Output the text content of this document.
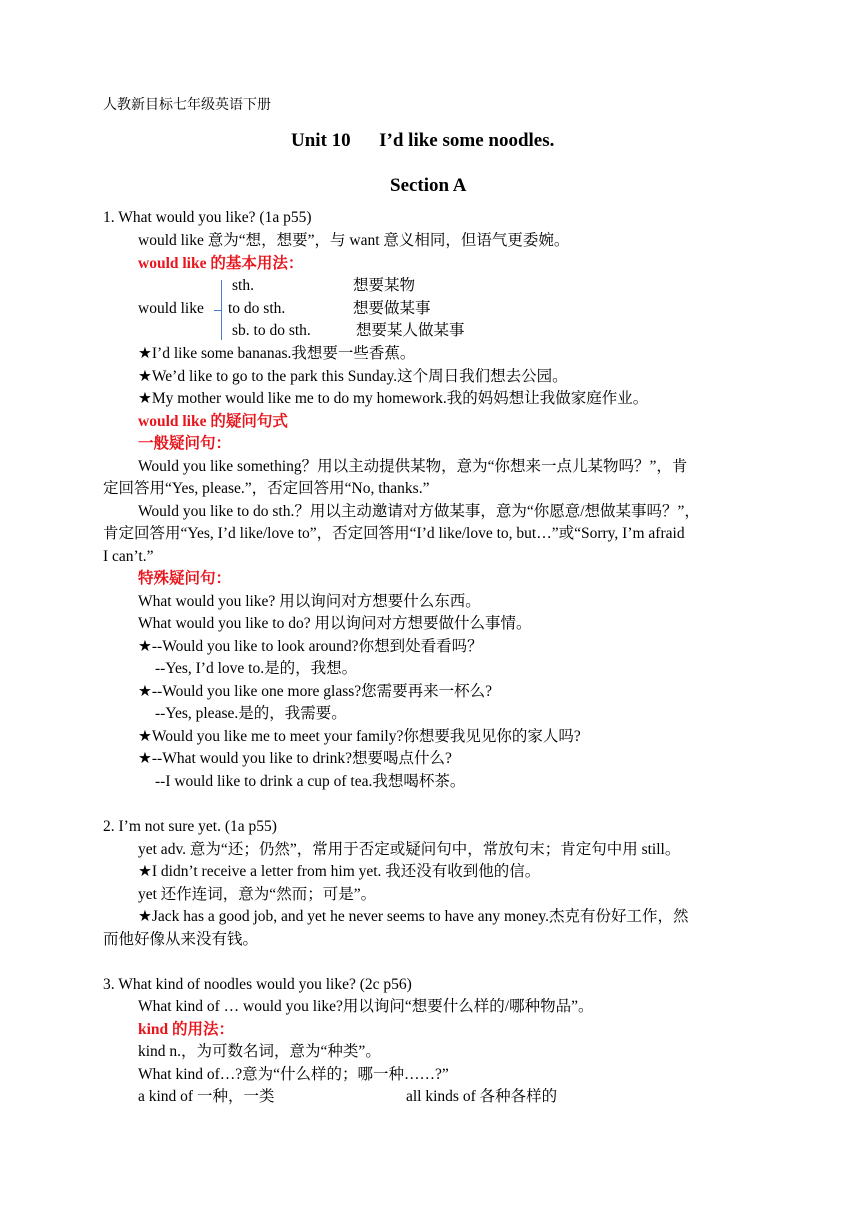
人教新目标七年级英语下册
Unit 10      I’d like some noodles.
Section A
1. What would you like? (1a p55)
would like 意为“想，想要”，与 want 意义相同，但语气更委婉。
would like 的基本用法：
sth.	想要某物
would like to do sth.	想要做某事
sb. to do sth.	想要某人做某事
★I’d like some bananas.我想要一些香蕉。
★We’d like to go to the park this Sunday.这个周日我们想去公园。
★My mother would like me to do my homework.我的妈妈想让我做家庭作业。
would like 的疑问句式
一般疑问句：
Would you like something？用以主动提供某物，意为“你想来一点儿某物吗？”，肯
定回答用“Yes, please.”，否定回答用“No, thanks.”
Would you like to do sth.？用以主动邀请对方做某事，意为“你愿意/想做某事吗？”，
肯定回答用“Yes, I’d like/love to”，否定回答用“I’d like/love to, but…”或“Sorry, I’m afraid
I can’t.”
特殊疑问句：
What would you like? 用以询问对方想要什么东西。
What would you like to do? 用以询问对方想要做什么事情。
★--Would you like to look around?你想到处看看吗？
--Yes, I’d love to.是的，我想。
★--Would you like one more glass?您需要再来一杯么?
--Yes, please.是的，我需要。
★Would you like me to meet your family?你想要我见见你的家人吗?
★--What would you like to drink?想要喝点什么?
--I would like to drink a cup of tea.我想喝杯茶。
2. I’m not sure yet. (1a p55)
yet adv. 意为“还；仍然”，常用于否定或疑问句中，常放句末；肯定句中用 still。
★I didn’t receive a letter from him yet. 我还没有收到他的信。
yet 还作连词，意为“然而；可是”。
★Jack has a good job, and yet he never seems to have any money.杰克有份好工作，然
而他好像从来没有钱。
3. What kind of noodles would you like? (2c p56)
What kind of … would you like?用以询问“想要什么样的/哪种物品”。
kind 的用法：
kind n.，为可数名词，意为“种类”。
What kind of…?意为“什么样的；哪一种……?”
a kind of 一种，一类	all kinds of 各种各样的
